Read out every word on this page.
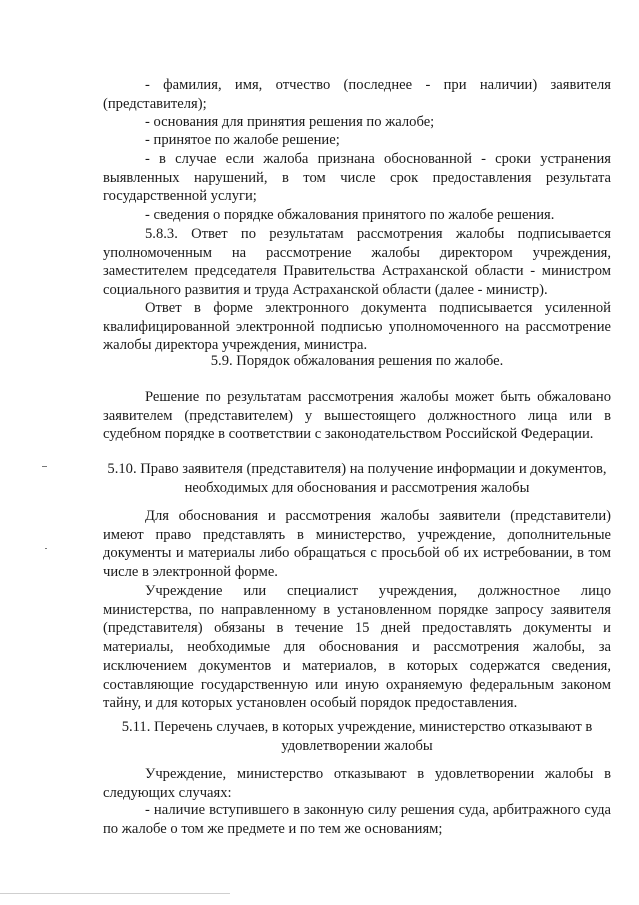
- фамилия, имя, отчество (последнее - при наличии) заявителя (представителя);

- основания для принятия решения по жалобе;

- принятое по жалобе решение;

- в случае если жалоба признана обоснованной - сроки устранения выявленных нарушений, в том числе срок предоставления результата государственной услуги;

- сведения о порядке обжалования принятого по жалобе решения.

5.8.3. Ответ по результатам рассмотрения жалобы подписывается уполномоченным на рассмотрение жалобы директором учреждения, заместителем председателя Правительства Астраханской области - министром социального развития и труда Астраханской области (далее - министр).

Ответ в форме электронного документа подписывается усиленной квалифицированной электронной подписью уполномоченного на рассмотрение жалобы директора учреждения, министра.

5.9. Порядок обжалования решения по жалобе.

Решение по результатам рассмотрения жалобы может быть обжаловано заявителем (представителем) у вышестоящего должностного лица или в судебном порядке в соответствии с законодательством Российской Федерации.

5.10. Право заявителя (представителя) на получение информации и документов, необходимых для обоснования и рассмотрения жалобы

Для обоснования и рассмотрения жалобы заявители (представители) имеют право представлять в министерство, учреждение, дополнительные документы и материалы либо обращаться с просьбой об их истребовании, в том числе в электронной форме.

Учреждение или специалист учреждения, должностное лицо министерства, по направленному в установленном порядке запросу заявителя (представителя) обязаны в течение 15 дней предоставлять документы и материалы, необходимые для обоснования и рассмотрения жалобы, за исключением документов и материалов, в которых содержатся сведения, составляющие государственную или иную охраняемую федеральным законом тайну, и для которых установлен особый порядок предоставления.

5.11. Перечень случаев, в которых учреждение, министерство отказывают в удовлетворении жалобы

Учреждение, министерство отказывают в удовлетворении жалобы в следующих случаях:

- наличие вступившего в законную силу решения суда, арбитражного суда по жалобе о том же предмете и по тем же основаниям;
